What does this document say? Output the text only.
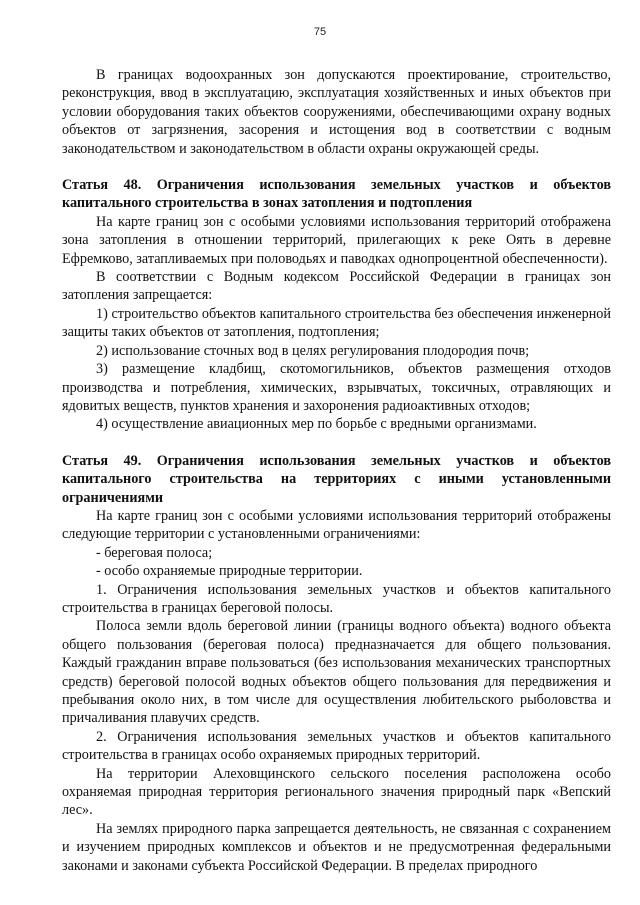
75

В границах водоохранных зон допускаются проектирование, строительство, реконструкция, ввод в эксплуатацию, эксплуатация хозяйственных и иных объектов при условии оборудования таких объектов сооружениями, обеспечивающими охрану водных объектов от загрязнения, засорения и истощения вод в соответствии с водным законодательством и законодательством в области охраны окружающей среды.

Статья 48. Ограничения использования земельных участков и объектов капитального строительства в зонах затопления и подтопления

На карте границ зон с особыми условиями использования территорий отображена зона затопления в отношении территорий, прилегающих к реке Оять в деревне Ефремково, затапливаемых при половодьях и паводках однопроцентной обеспеченности).

В соответствии с Водным кодексом Российской Федерации в границах зон затопления запрещается:

1) строительство объектов капитального строительства без обеспечения инженерной защиты таких объектов от затопления, подтопления;

2) использование сточных вод в целях регулирования плодородия почв;

3) размещение кладбищ, скотомогильников, объектов размещения отходов производства и потребления, химических, взрывчатых, токсичных, отравляющих и ядовитых веществ, пунктов хранения и захоронения радиоактивных отходов;

4) осуществление авиационных мер по борьбе с вредными организмами.

Статья 49. Ограничения использования земельных участков и объектов капитального строительства на территориях с иными установленными ограничениями

На карте границ зон с особыми условиями использования территорий отображены следующие территории с установленными ограничениями:

- береговая полоса;

- особо охраняемые природные территории.

1. Ограничения использования земельных участков и объектов капитального строительства в границах береговой полосы.

Полоса земли вдоль береговой линии (границы водного объекта) водного объекта общего пользования (береговая полоса) предназначается для общего пользования. Каждый гражданин вправе пользоваться (без использования механических транспортных средств) береговой полосой водных объектов общего пользования для передвижения и пребывания около них, в том числе для осуществления любительского рыболовства и причаливания плавучих средств.

2. Ограничения использования земельных участков и объектов капитального строительства в границах особо охраняемых природных территорий.

На территории Алеховщинского сельского поселения расположена особо охраняемая природная территория регионального значения природный парк «Вепский лес».

На землях природного парка запрещается деятельность, не связанная с сохранением и изучением природных комплексов и объектов и не предусмотренная федеральными законами и законами субъекта Российской Федерации. В пределах природного
